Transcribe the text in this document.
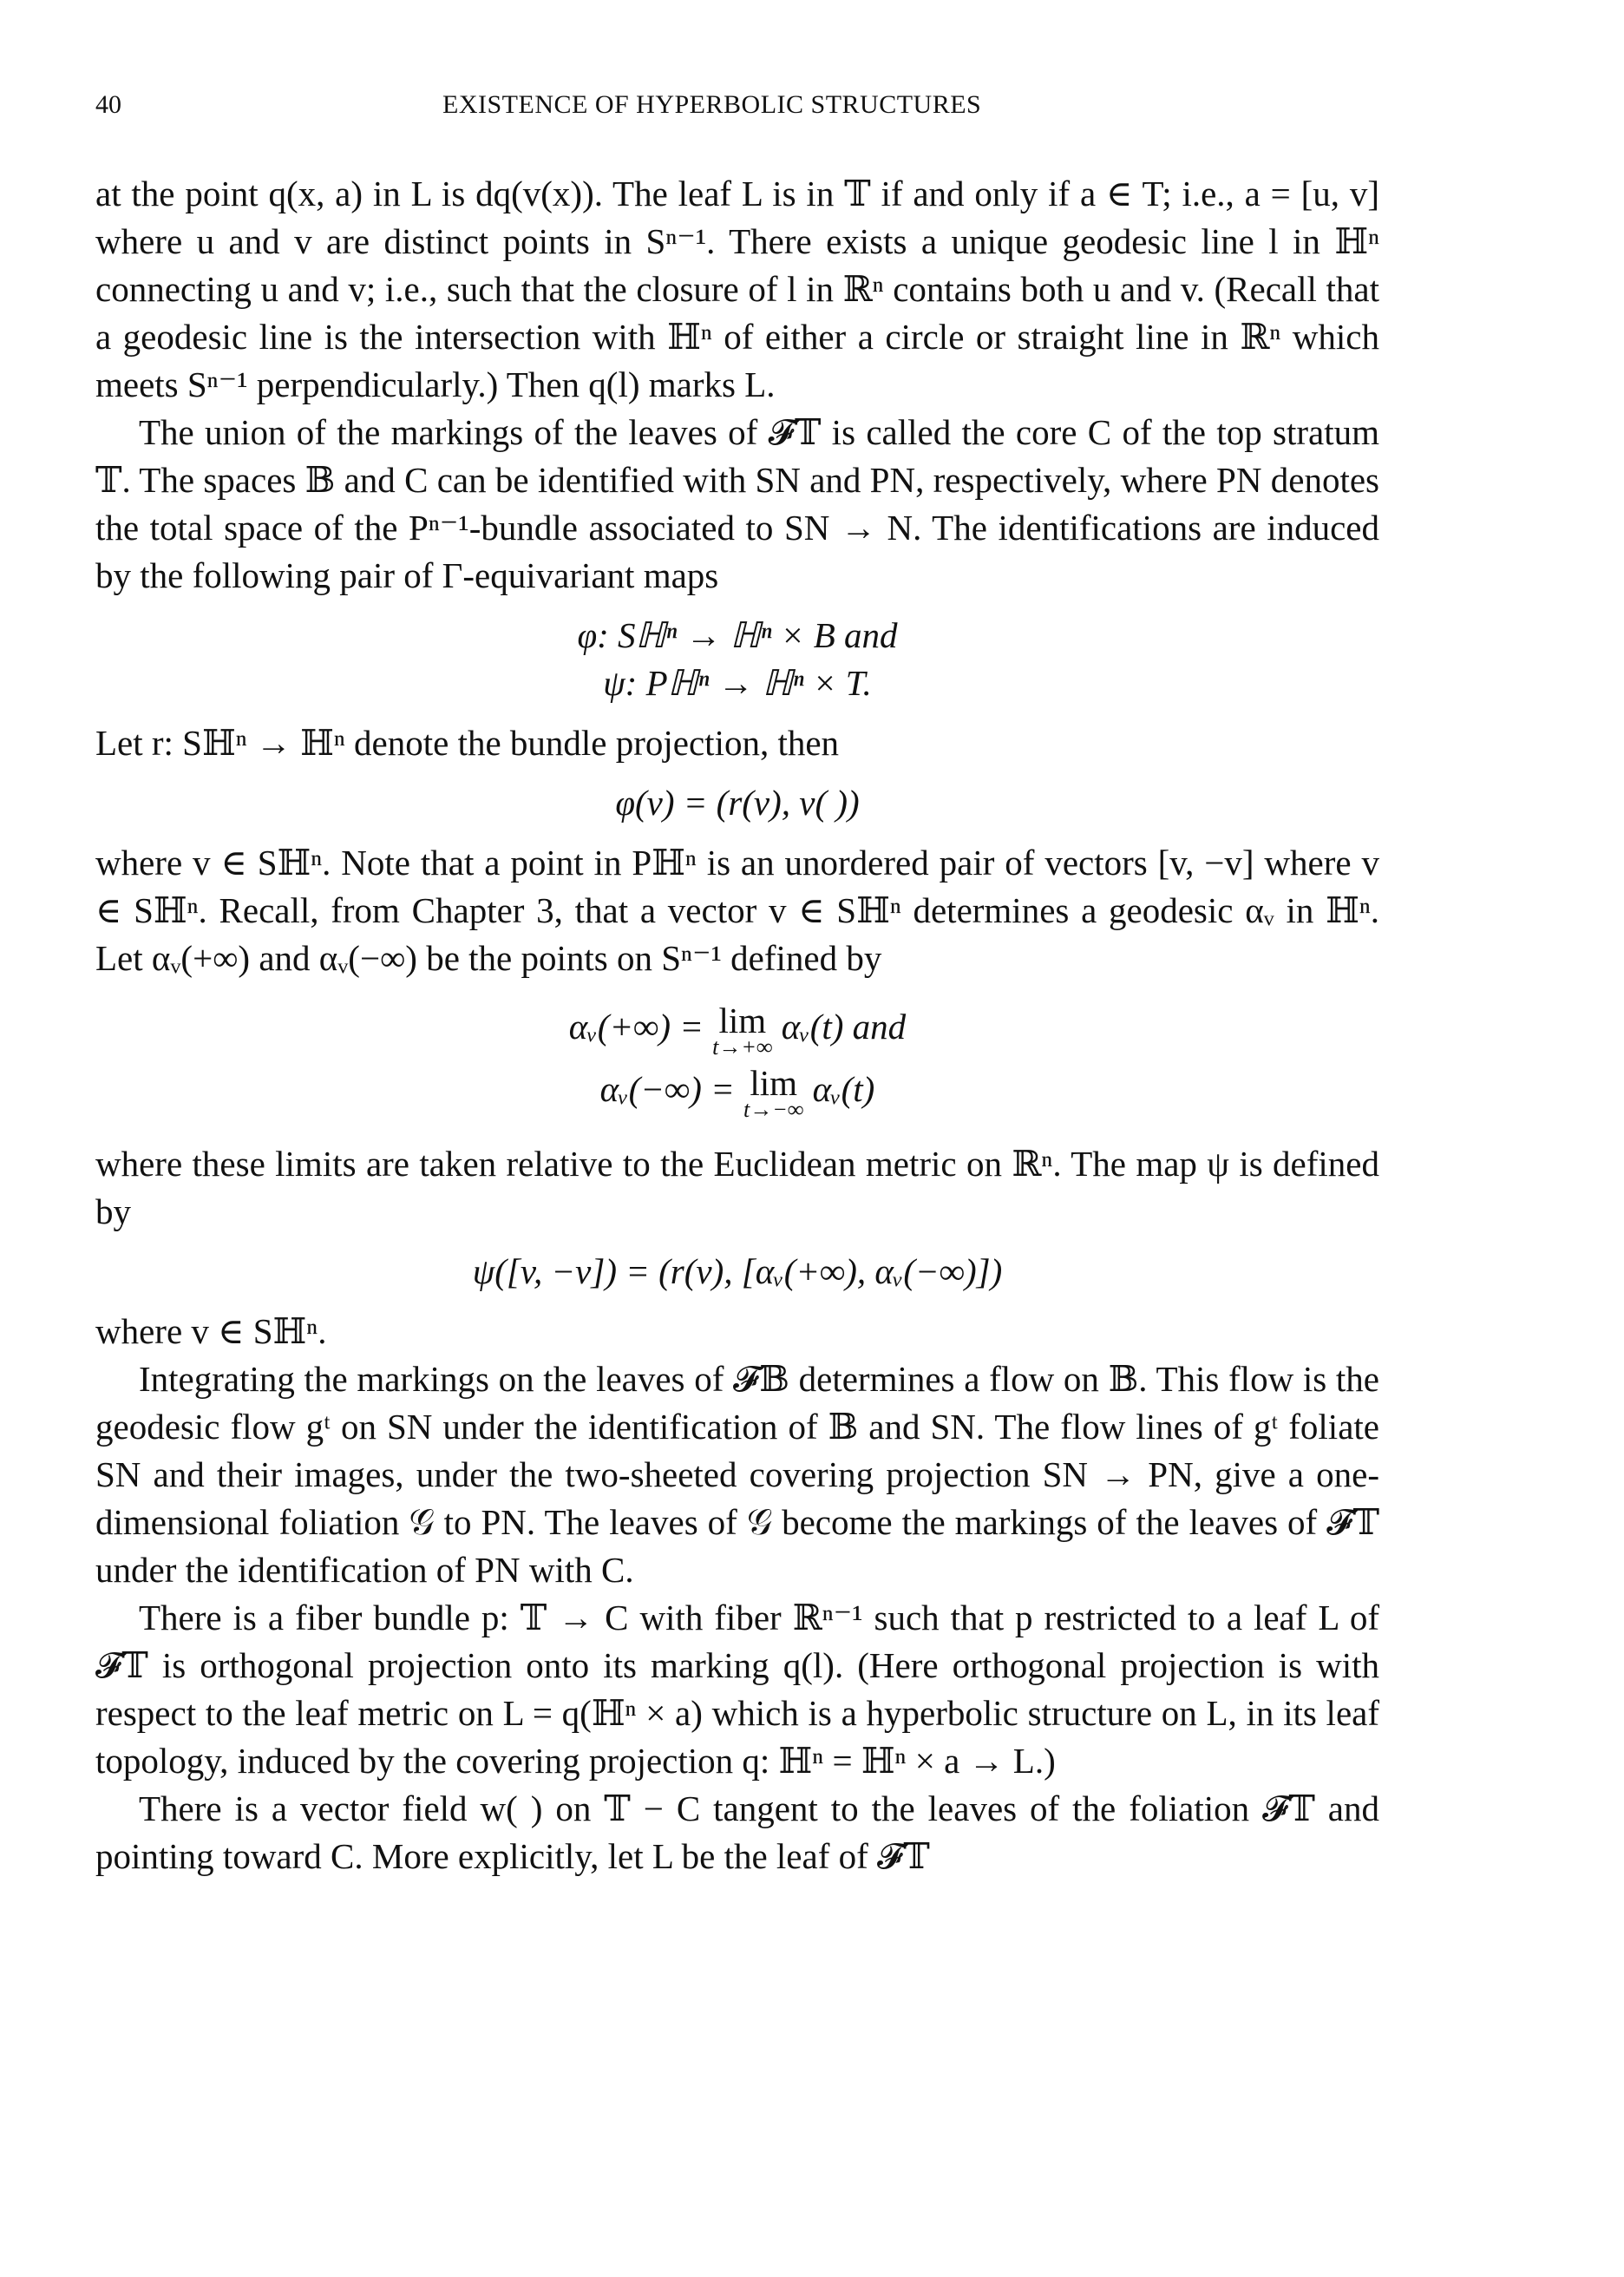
40	EXISTENCE OF HYPERBOLIC STRUCTURES

at the point q(x, a) in L is dq(v(x)). The leaf L is in 𝕋 if and only if a ∈ T; i.e., a = [u, v] where u and v are distinct points in Sⁿ⁻¹. There exists a unique geodesic line l in ℍⁿ connecting u and v; i.e., such that the closure of l in ℝⁿ contains both u and v. (Recall that a geodesic line is the intersection with ℍⁿ of either a circle or straight line in ℝⁿ which meets Sⁿ⁻¹ perpendicularly.) Then q(l) marks L.

The union of the markings of the leaves of 𝓕𝕋 is called the core C of the top stratum 𝕋. The spaces 𝔹 and C can be identified with SN and PN, respectively, where PN denotes the total space of the Pⁿ⁻¹-bundle associated to SN → N. The identifications are induced by the following pair of Γ-equivariant maps

φ: Sℍⁿ → ℍⁿ × B and

ψ: Pℍⁿ → ℍⁿ × T.

Let r: Sℍⁿ → ℍⁿ denote the bundle projection, then

φ(v) = (r(v), v( ))

where v ∈ Sℍⁿ. Note that a point in Pℍⁿ is an unordered pair of vectors [v, −v] where v ∈ Sℍⁿ. Recall, from Chapter 3, that a vector v ∈ Sℍⁿ determines a geodesic αᵥ in ℍⁿ. Let αᵥ(+∞) and αᵥ(−∞) be the points on Sⁿ⁻¹ defined by

αᵥ(+∞) = lim
t→+∞
αᵥ(t) and

αᵥ(−∞) = lim
t→−∞
αᵥ(t)

where these limits are taken relative to the Euclidean metric on ℝⁿ. The map ψ is defined by

ψ([v, −v]) = (r(v), [αᵥ(+∞), αᵥ(−∞)])

where v ∈ Sℍⁿ.

Integrating the markings on the leaves of 𝓕𝔹 determines a flow on 𝔹. This flow is the geodesic flow gᵗ on SN under the identification of 𝔹 and SN. The flow lines of gᵗ foliate SN and their images, under the two-sheeted covering projection SN → PN, give a one-dimensional foliation 𝒢 to PN. The leaves of 𝒢 become the markings of the leaves of 𝓕𝕋 under the identification of PN with C.

There is a fiber bundle p: 𝕋 → C with fiber ℝⁿ⁻¹ such that p restricted to a leaf L of 𝓕𝕋 is orthogonal projection onto its marking q(l). (Here orthogonal projection is with respect to the leaf metric on L = q(ℍⁿ × a) which is a hyperbolic structure on L, in its leaf topology, induced by the covering projection q: ℍⁿ = ℍⁿ × a → L.)

There is a vector field w( ) on 𝕋 − C tangent to the leaves of the foliation 𝓕𝕋 and pointing toward C. More explicitly, let L be the leaf of 𝓕𝕋
